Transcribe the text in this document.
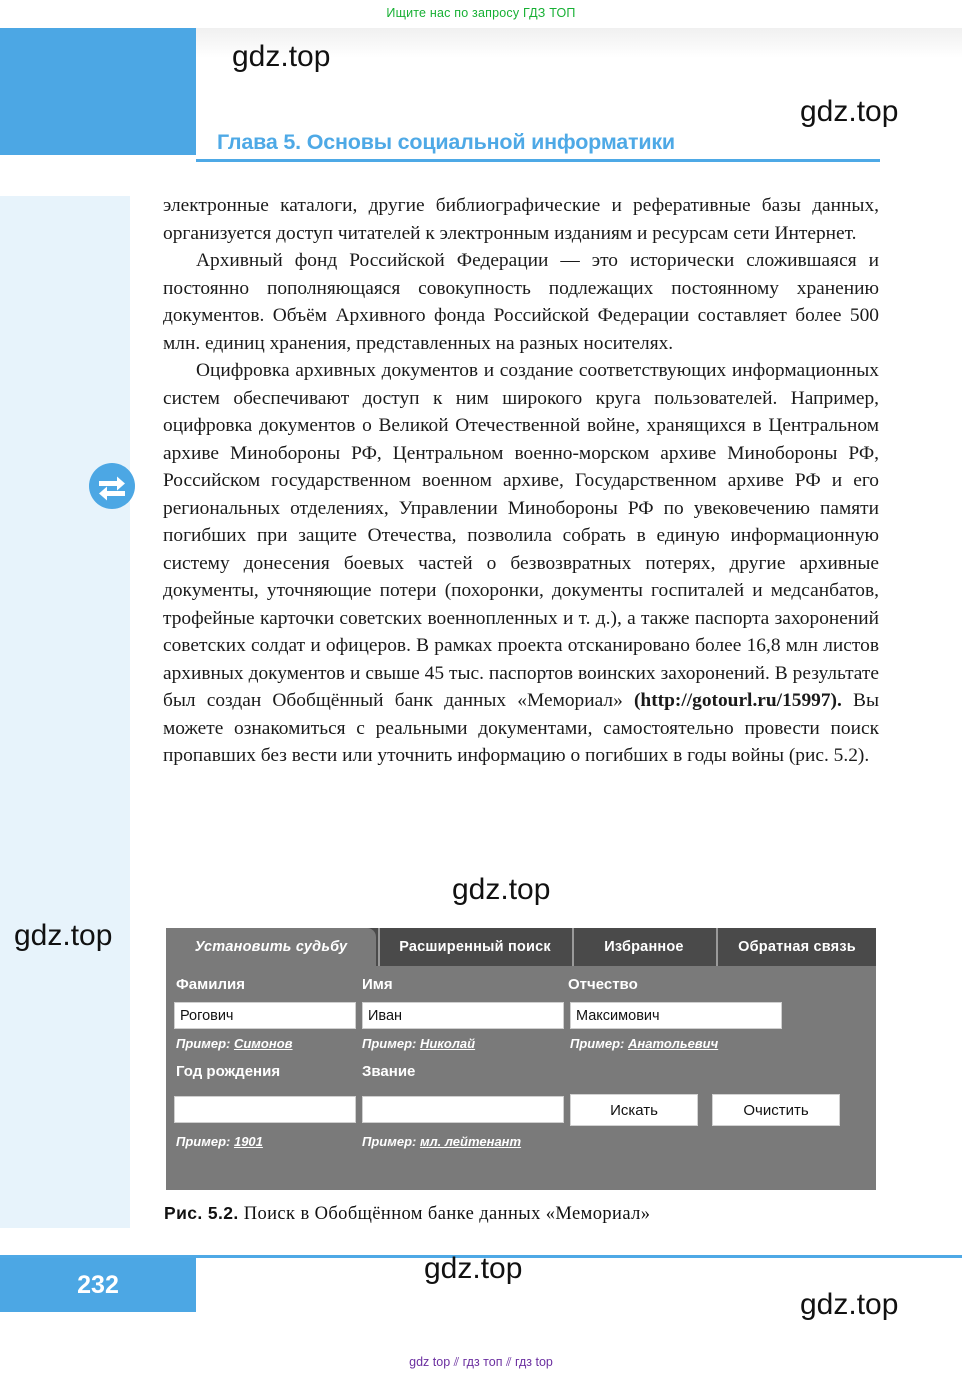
Ищите нас по запросу ГДЗ ТОП
Глава 5. Основы социальной информатики

электронные каталоги, другие библиографические и реферативные базы данных, организуется доступ читателей к электронным изданиям и ресурсам сети Интернет.

Архивный фонд Российской Федерации — это исторически сложившаяся и постоянно пополняющаяся совокупность подлежащих постоянному хранению документов. Объём Архивного фонда Российской Федерации составляет более 500 млн. единиц хранения, представленных на разных носителях.

Оцифровка архивных документов и создание соответствующих информационных систем обеспечивают доступ к ним широкого круга пользователей. Например, оцифровка документов о Великой Отечественной войне, хранящихся в Центральном архиве Минобороны РФ, Центральном военно-морском архиве Минобороны РФ, Российском государственном военном архиве, Государственном архиве РФ и его региональных отделениях, Управлении Минобороны РФ по увековечению памяти погибших при защите Отечества, позволила собрать в единую информационную систему донесения боевых частей о безвозвратных потерях, другие архивные документы, уточняющие потери (похоронки, документы госпиталей и медсанбатов, трофейные карточки советских военнопленных и т. д.), а также паспорта захоронений советских солдат и офицеров. В рамках проекта отсканировано более 16,8 млн листов архивных документов и свыше 45 тыс. паспортов воинских захоронений. В результате был создан Обобщённый банк данных «Мемориал» (http://gotourl.ru/15997). Вы можете ознакомиться с реальными документами, самостоятельно провести поиск пропавших без вести или уточнить информацию о погибших в годы войны (рис. 5.2).

Установить судьбу	Расширенный поиск	Избранное	Обратная связь
Фамилия	Имя	Отчество
Рогович	Иван	Максимович
Пример: Симонов	Пример: Николай	Пример: Анатольевич
Год рождения	Звание
Искать	Очистить
Пример: 1901	Пример: мл. лейтенант
Рис. 5.2. Поиск в Обобщённом банке данных «Мемориал»
232
gdz top ⫽ гдз топ ⫽ гдз top
gdz.top
gdz.top
gdz.top
gdz.top
gdz.top
gdz.top
